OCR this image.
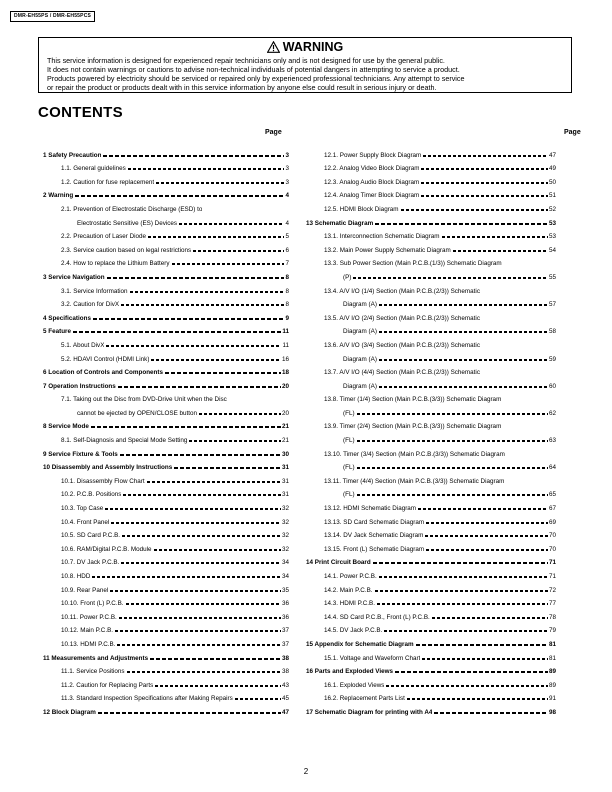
DMR-EH55PS / DMR-EH55PCS
WARNING
This service information is designed for experienced repair technicians only and is not designed for use by the general public.
It does not contain warnings or cautions to advise non-technical individuals of potential dangers in attempting to service a product.
Products powered by electricity should be serviced or repaired only by experienced professional technicians. Any attempt to service
or repair the product or products dealt with in this service information by anyone else could result in serious injury or death.
CONTENTS
Page	Page
1 Safety Precaution	3
1.1. General guidelines	3
1.2. Caution for fuse replacement	3
2 Warning	4
2.1. Prevention of Electrostatic Discharge (ESD) to
Electrostatic Sensitive (ES) Devices	4
2.2. Precaution of Laser Diode	5
2.3. Service caution based on legal restrictions	6
2.4. How to replace the Lithium Battery	7
3 Service Navigation	8
3.1. Service Information	8
3.2. Caution for DivX	8
4 Specifications	9
5 Feature	11
5.1. About DivX	11
5.2. HDAVI Control (HDMI Link)	16
6 Location of Controls and Components	18
7 Operation Instructions	20
7.1. Taking out the Disc from DVD-Drive Unit when the Disc
cannot be ejected by OPEN/CLOSE button	20
8 Service Mode	21
8.1. Self-Diagnosis and Special Mode Setting	21
9 Service Fixture & Tools	30
10 Disassembly and Assembly Instructions	31
10.1. Disassembly Flow Chart	31
10.2. P.C.B. Positions	31
10.3. Top Case	32
10.4. Front Panel	32
10.5. SD Card P.C.B.	32
10.6. RAM/Digital P.C.B. Module	32
10.7. DV Jack P.C.B.	34
10.8. HDD	34
10.9. Rear Panel	35
10.10. Front (L) P.C.B.	36
10.11. Power P.C.B.	36
10.12. Main P.C.B.	37
10.13. HDMI P.C.B.	37
11 Measurements and Adjustments	38
11.1. Service Positions	38
11.2. Caution for Replacing Parts	43
11.3. Standard Inspection Specifications after Making Repairs	45
12 Block Diagram	47
12.1. Power Supply Block Diagram	47
12.2. Analog Video Block Diagram	49
12.3. Analog Audio Block Diagram	50
12.4. Analog Timer Block Diagram	51
12.5. HDMI Block Diagram	52
13 Schematic Diagram	53
13.1. Interconnection Schematic Diagram	53
13.2. Main Power Supply Schematic Diagram	54
13.3. Sub Power Section (Main P.C.B.(1/3)) Schematic Diagram
(P)	55
13.4. A/V I/O (1/4) Section (Main P.C.B.(2/3)) Schematic
Diagram (A)	57
13.5. A/V I/O (2/4) Section (Main P.C.B.(2/3)) Schematic
Diagram (A)	58
13.6. A/V I/O (3/4) Section (Main P.C.B.(2/3)) Schematic
Diagram (A)	59
13.7. A/V I/O (4/4) Section (Main P.C.B.(2/3)) Schematic
Diagram (A)	60
13.8. Timer (1/4) Section (Main P.C.B.(3/3)) Schematic Diagram
(FL)	62
13.9. Timer (2/4) Section (Main P.C.B.(3/3)) Schematic Diagram
(FL)	63
13.10. Timer (3/4) Section (Main P.C.B.(3/3)) Schematic Diagram
(FL)	64
13.11. Timer (4/4) Section (Main P.C.B.(3/3)) Schematic Diagram
(FL)	65
13.12. HDMI Schematic Diagram	67
13.13. SD Card Schematic Diagram	69
13.14. DV Jack Schematic Diagram	70
13.15. Front (L) Schematic Diagram	70
14 Print Circuit Board	71
14.1. Power P.C.B.	71
14.2. Main P.C.B.	72
14.3. HDMI P.C.B.	77
14.4. SD Card P.C.B., Front (L) P.C.B.	78
14.5. DV Jack P.C.B.	79
15 Appendix for Schematic Diagram	81
15.1. Voltage and Waveform Chart	81
16 Parts and Exploded Views	89
16.1. Exploded Views	89
16.2. Replacement Parts List	91
17 Schematic Diagram for printing with A4	98
2
